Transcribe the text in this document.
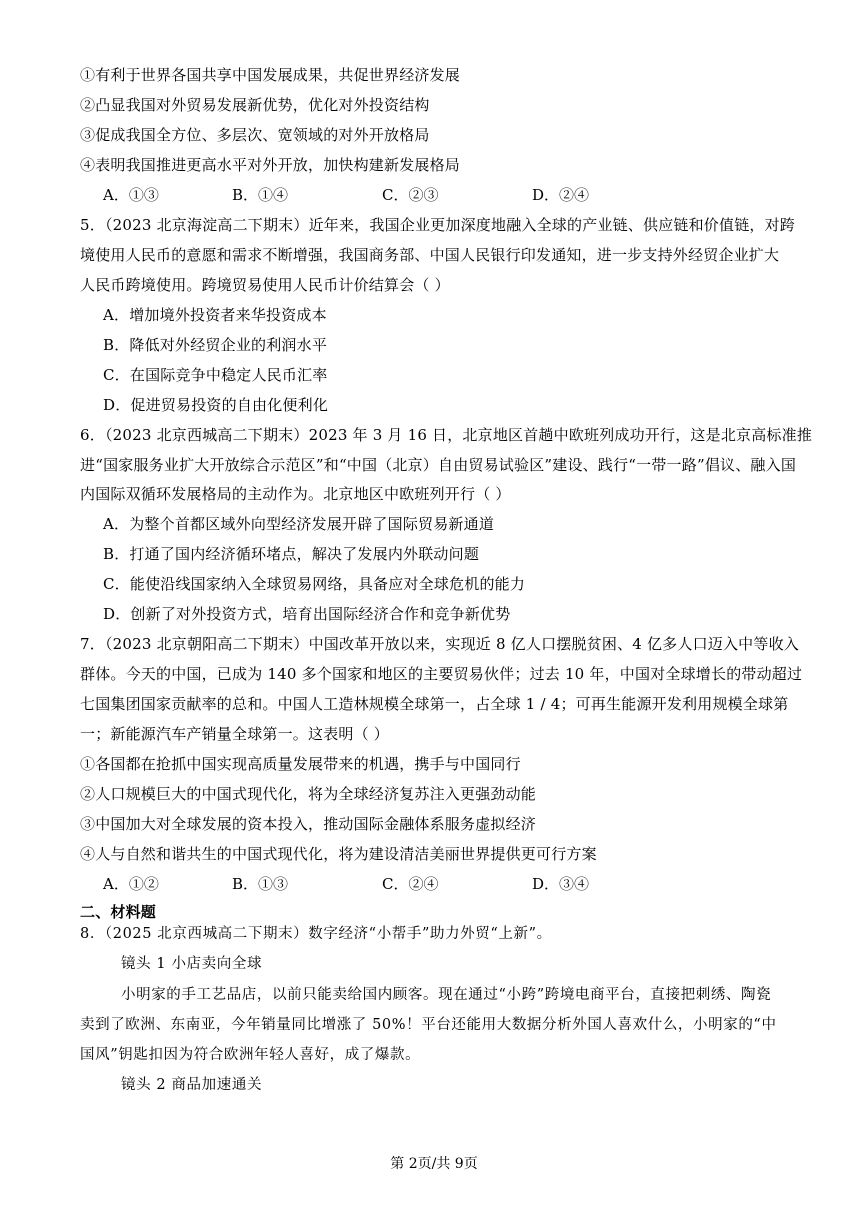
①有利于世界各国共享中国发展成果，共促世界经济发展
②凸显我国对外贸易发展新优势，优化对外投资结构
③促成我国全方位、多层次、宽领域的对外开放格局
④表明我国推进更高水平对外开放，加快构建新发展格局
A．①③	B．①④	C．②③	D．②④
5．（2023 北京海淀高二下期末）近年来，我国企业更加深度地融入全球的产业链、供应链和价值链，对跨
境使用人民币的意愿和需求不断增强，我国商务部、中国人民银行印发通知，进一步支持外经贸企业扩大
人民币跨境使用。跨境贸易使用人民币计价结算会（ ）
A．增加境外投资者来华投资成本
B．降低对外经贸企业的利润水平
C．在国际竞争中稳定人民币汇率
D．促进贸易投资的自由化便利化
6．（2023 北京西城高二下期末）2023 年 3 月 16 日，北京地区首趟中欧班列成功开行，这是北京高标准推
进“国家服务业扩大开放综合示范区”和“中国（北京）自由贸易试验区”建设、践行“一带一路”倡议、融入国
内国际双循环发展格局的主动作为。北京地区中欧班列开行（ ）
A．为整个首都区域外向型经济发展开辟了国际贸易新通道
B．打通了国内经济循环堵点，解决了发展内外联动问题
C．能使沿线国家纳入全球贸易网络，具备应对全球危机的能力
D．创新了对外投资方式，培育出国际经济合作和竞争新优势
7．（2023 北京朝阳高二下期末）中国改革开放以来，实现近 8 亿人口摆脱贫困、4 亿多人口迈入中等收入
群体。今天的中国，已成为 140 多个国家和地区的主要贸易伙伴；过去 10 年，中国对全球增长的带动超过
七国集团国家贡献率的总和。中国人工造林规模全球第一，占全球 1 / 4；可再生能源开发利用规模全球第
一；新能源汽车产销量全球第一。这表明（ ）
①各国都在抢抓中国实现高质量发展带来的机遇，携手与中国同行
②人口规模巨大的中国式现代化，将为全球经济复苏注入更强劲动能
③中国加大对全球发展的资本投入，推动国际金融体系服务虚拟经济
④人与自然和谐共生的中国式现代化，将为建设清洁美丽世界提供更可行方案
A．①②	B．①③	C．②④	D．③④
二、材料题
8．（2025 北京西城高二下期末）数字经济“小帮手”助力外贸“上新”。
镜头 1 小店卖向全球
小明家的手工艺品店，以前只能卖给国内顾客。现在通过“小跨”跨境电商平台，直接把刺绣、陶瓷
卖到了欧洲、东南亚，今年销量同比增涨了 50%！平台还能用大数据分析外国人喜欢什么，小明家的“中
国风”钥匙扣因为符合欧洲年轻人喜好，成了爆款。
镜头 2 商品加速通关
第 2页/共 9页
